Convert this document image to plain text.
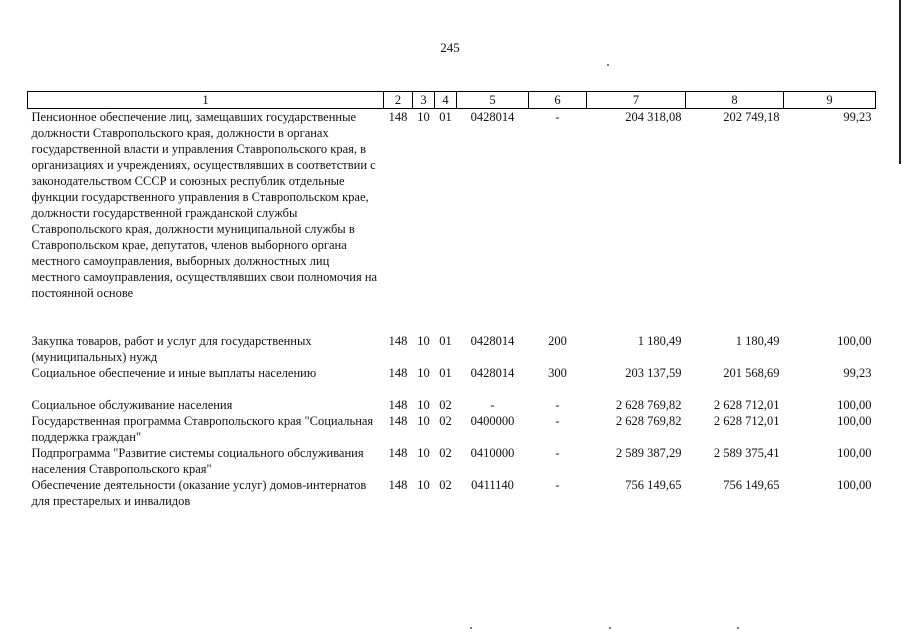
245
1	2	3	4	5	6	7	8	9
Пенсионное обеспечение лиц, замещавших государственные должности Ставропольского края, должности в органах государственной власти и управления Ставропольского края, в организациях и учреждениях, осуществлявших в соответствии с законодательством СССР и союзных республик отдельные функции государственного управления в Ставропольском крае, должности государственной гражданской службы Ставропольского края, должности муниципальной службы в Ставропольском крае, депутатов, членов выборного органа местного самоуправления, выборных должностных лиц местного самоуправления, осуществлявших свои полномочия на постоянной основе	148	10	01	0428014	-	204 318,08	202 749,18	99,23

Закупка товаров, работ и услуг для государственных (муниципальных) нужд	148	10	01	0428014	200	1 180,49	1 180,49	100,00
Социальное обеспечение и иные выплаты населению	148	10	01	0428014	300	203 137,59	201 568,69	99,23

Социальное обслуживание населения	148	10	02	-	-	2 628 769,82	2 628 712,01	100,00
Государственная программа Ставропольского края "Социальная поддержка граждан"	148	10	02	0400000	-	2 628 769,82	2 628 712,01	100,00
Подпрограмма "Развитие системы социального обслуживания населения Ставропольского края"	148	10	02	0410000	-	2 589 387,29	2 589 375,41	100,00
Обеспечение деятельности (оказание услуг) домов-интернатов для престарелых и инвалидов	148	10	02	0411140	-	756 149,65	756 149,65	100,00
